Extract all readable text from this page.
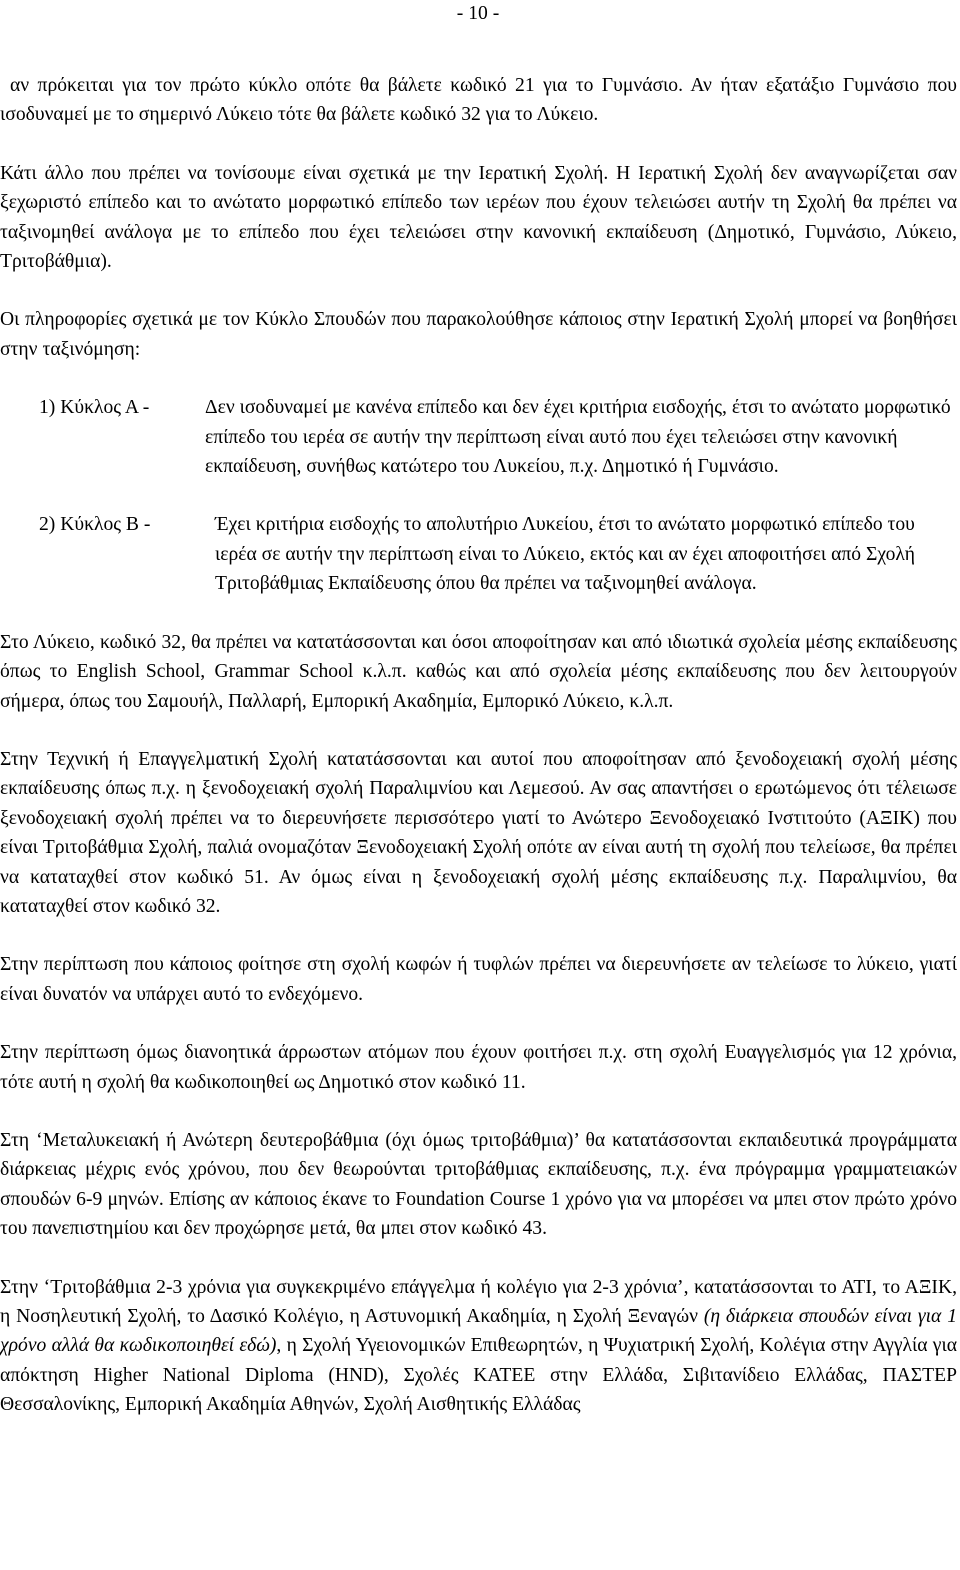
- 10 -

αν πρόκειται για τον πρώτο κύκλο οπότε θα βάλετε κωδικό 21 για το Γυμνάσιο. Αν ήταν εξατάξιο Γυμνάσιο που ισοδυναμεί με το σημερινό Λύκειο τότε θα βάλετε κωδικό 32 για το Λύκειο.

Κάτι άλλο που πρέπει να τονίσουμε είναι σχετικά με την Ιερατική Σχολή. Η Ιερατική Σχολή δεν αναγνωρίζεται σαν ξεχωριστό επίπεδο και το ανώτατο μορφωτικό επίπεδο των ιερέων που έχουν τελειώσει αυτήν τη Σχολή θα πρέπει να ταξινομηθεί ανάλογα με το επίπεδο που έχει τελειώσει στην κανονική εκπαίδευση (Δημοτικό, Γυμνάσιο, Λύκειο, Τριτοβάθμια).

Οι πληροφορίες σχετικά με τον Κύκλο Σπουδών που παρακολούθησε κάποιος στην Ιερατική Σχολή μπορεί να βοηθήσει στην ταξινόμηση:

1) Κύκλος Α -	Δεν ισοδυναμεί με κανένα επίπεδο και δεν έχει κριτήρια εισδοχής, έτσι το ανώτατο μορφωτικό επίπεδο του ιερέα σε αυτήν την περίπτωση είναι αυτό που έχει τελειώσει στην κανονική εκπαίδευση, συνήθως κατώτερο του Λυκείου, π.χ. Δημοτικό ή Γυμνάσιο.
2) Κύκλος Β -	Έχει κριτήρια εισδοχής το απολυτήριο Λυκείου, έτσι το ανώτατο μορφωτικό επίπεδο του ιερέα σε αυτήν την περίπτωση είναι το Λύκειο, εκτός και αν έχει αποφοιτήσει από Σχολή Τριτοβάθμιας Εκπαίδευσης όπου θα πρέπει να ταξινομηθεί ανάλογα.

Στο Λύκειο, κωδικό 32, θα πρέπει να κατατάσσονται και όσοι αποφοίτησαν και από ιδιωτικά σχολεία μέσης εκπαίδευσης όπως το English School, Grammar School κ.λ.π. καθώς και από σχολεία μέσης εκπαίδευσης που δεν λειτουργούν σήμερα, όπως του Σαμουήλ, Παλλαρή, Εμπορική Ακαδημία, Εμπορικό Λύκειο, κ.λ.π.

Στην Τεχνική ή Επαγγελματική Σχολή κατατάσσονται και αυτοί που αποφοίτησαν από ξενοδοχειακή σχολή μέσης εκπαίδευσης όπως π.χ. η ξενοδοχειακή σχολή Παραλιμνίου και Λεμεσού. Αν σας απαντήσει ο ερωτώμενος ότι τέλειωσε ξενοδοχειακή σχολή πρέπει να το διερευνήσετε περισσότερο γιατί το Ανώτερο Ξενοδοχειακό Ινστιτούτο (ΑΞΙΚ) που είναι Τριτοβάθμια Σχολή, παλιά ονομαζόταν Ξενοδοχειακή Σχολή οπότε αν είναι αυτή τη σχολή που τελείωσε, θα πρέπει να καταταχθεί στον κωδικό 51. Αν όμως είναι η ξενοδοχειακή σχολή μέσης εκπαίδευσης π.χ. Παραλιμνίου, θα καταταχθεί στον κωδικό 32.

Στην περίπτωση που κάποιος φοίτησε στη σχολή κωφών ή τυφλών πρέπει να διερευνήσετε αν τελείωσε το λύκειο, γιατί είναι δυνατόν να υπάρχει αυτό το ενδεχόμενο.

Στην περίπτωση όμως διανοητικά άρρωστων ατόμων που έχουν φοιτήσει π.χ. στη σχολή Ευαγγελισμός για 12 χρόνια, τότε αυτή η σχολή θα κωδικοποιηθεί ως Δημοτικό στον κωδικό 11.

Στη ‘Μεταλυκειακή ή Ανώτερη δευτεροβάθμια (όχι όμως τριτοβάθμια)’ θα κατατάσσονται εκπαιδευτικά προγράμματα διάρκειας μέχρις ενός χρόνου, που δεν θεωρούνται τριτοβάθμιας εκπαίδευσης, π.χ. ένα πρόγραμμα γραμματειακών σπουδών 6-9 μηνών. Επίσης αν κάποιος έκανε το Foundation Course 1 χρόνο για να μπορέσει να μπει στον πρώτο χρόνο του πανεπιστημίου και δεν προχώρησε μετά, θα μπει στον κωδικό 43.

Στην ‘Τριτοβάθμια 2-3 χρόνια για συγκεκριμένο επάγγελμα ή κολέγιο για 2-3 χρόνια’, κατατάσσονται το ΑΤΙ, το ΑΞΙΚ, η Νοσηλευτική Σχολή, το Δασικό Κολέγιο, η Αστυνομική Ακαδημία, η Σχολή Ξεναγών (η διάρκεια σπουδών είναι για 1 χρόνο αλλά θα κωδικοποιηθεί εδώ), η Σχολή Υγειονομικών Επιθεωρητών, η Ψυχιατρική Σχολή, Κολέγια στην Αγγλία για απόκτηση Higher National Diploma (HND), Σχολές ΚΑΤΕΕ στην Ελλάδα, Σιβιτανίδειο Ελλάδας, ΠΑΣΤΕΡ Θεσσαλονίκης, Εμπορική Ακαδημία Αθηνών, Σχολή Αισθητικής Ελλάδας
